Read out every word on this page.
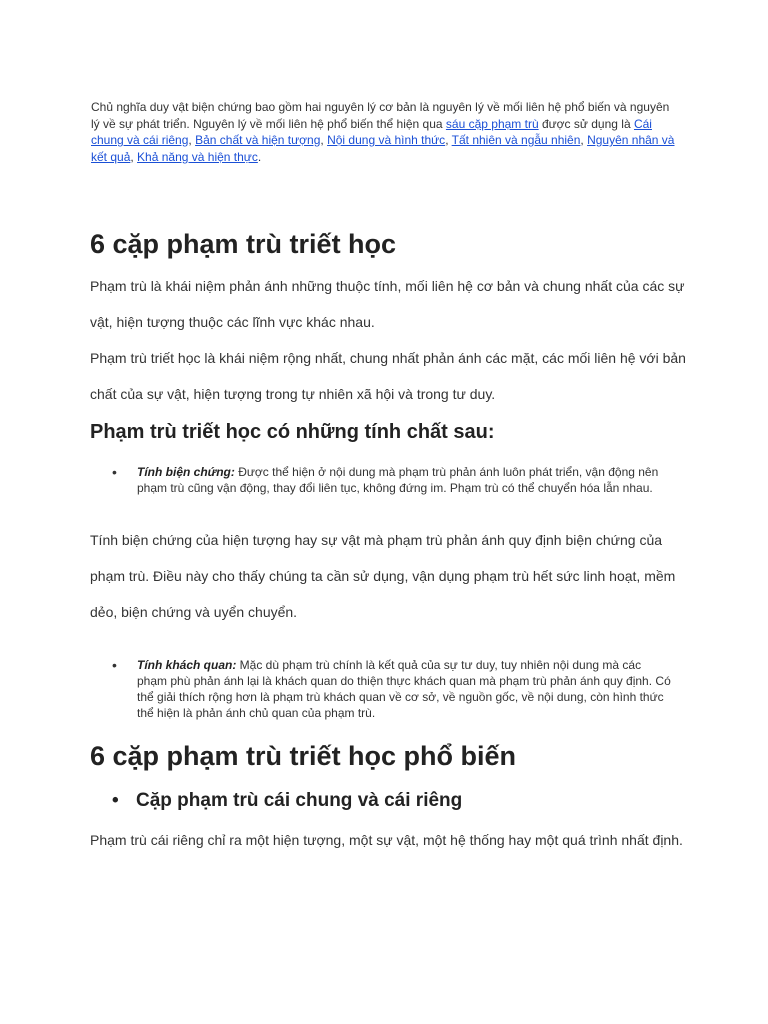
Chủ nghĩa duy vật biện chứng bao gồm hai nguyên lý cơ bản là nguyên lý về mối liên hệ phổ biến và nguyên lý về sự phát triển. Nguyên lý về mối liên hệ phổ biến thể hiện qua sáu cặp phạm trù được sử dụng là Cái chung và cái riêng, Bản chất và hiện tượng, Nội dung và hình thức, Tất nhiên và ngẫu nhiên, Nguyên nhân và kết quả, Khả năng và hiện thực.

6 cặp phạm trù triết học

Phạm trù là khái niệm phản ánh những thuộc tính, mối liên hệ cơ bản và chung nhất của các sự vật, hiện tượng thuộc các lĩnh vực khác nhau.

Phạm trù triết học là khái niệm rộng nhất, chung nhất phản ánh các mặt, các mối liên hệ với bản chất của sự vật, hiện tượng trong tự nhiên xã hội và trong tư duy.

Phạm trù triết học có những tính chất sau:
• Tính biện chứng: Được thể hiện ở nội dung mà phạm trù phản ánh luôn phát triển, vận động nên phạm trù cũng vận động, thay đổi liên tục, không đứng im. Phạm trù có thể chuyển hóa lẫn nhau.

Tính biện chứng của hiện tượng hay sự vật mà phạm trù phản ánh quy định biện chứng của phạm trù. Điều này cho thấy chúng ta cần sử dụng, vận dụng phạm trù hết sức linh hoạt, mềm dẻo, biện chứng và uyển chuyển.

• Tính khách quan: Mặc dù phạm trù chính là kết quả của sự tư duy, tuy nhiên nội dung mà các phạm phù phản ánh lại là khách quan do thiện thực khách quan mà phạm trù phản ánh quy định. Có thể giải thích rộng hơn là phạm trù khách quan về cơ sở, về nguồn gốc, về nội dung, còn hình thức thể hiện là phản ánh chủ quan của phạm trù.

6 cặp phạm trù triết học phổ biến
• Cặp phạm trù cái chung và cái riêng

Phạm trù cái riêng chỉ ra một hiện tượng, một sự vật, một hệ thống hay một quá trình nhất định.
